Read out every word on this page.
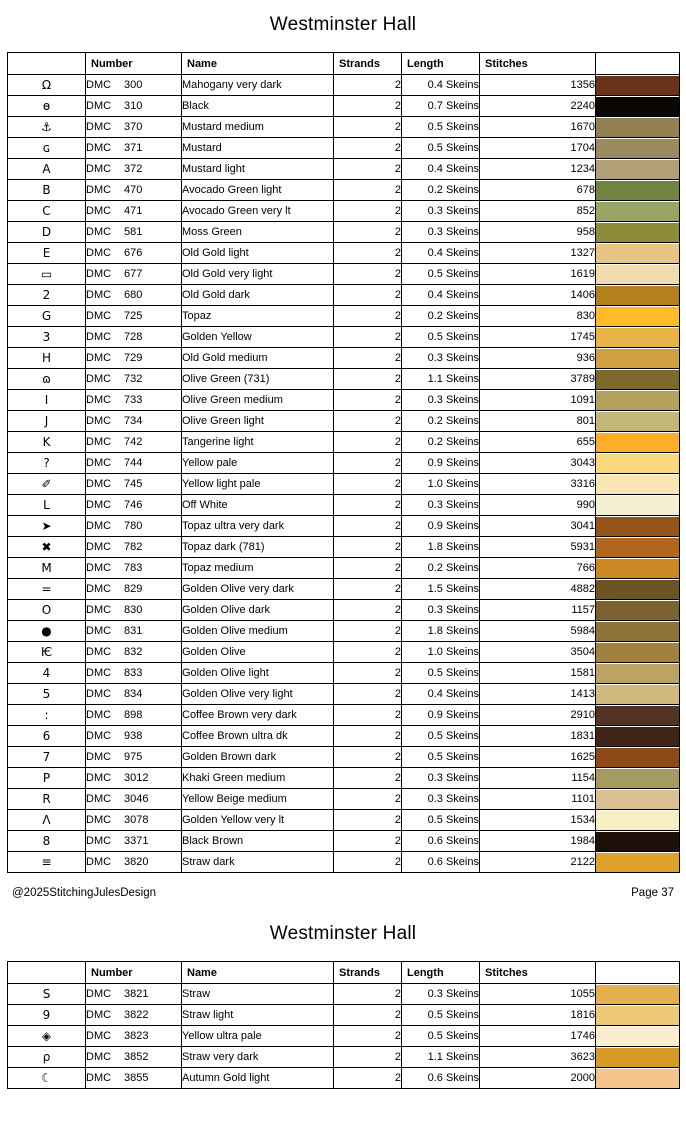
Westminster Hall
	Number	Name	Strands	Length	Stitches	
Ω	DMC 300	Mahogany very dark	2	0.4 Skeins	1356	

ѳ	DMC 310	Black	2	0.7 Skeins	2240	

⚓	DMC 370	Mustard medium	2	0.5 Skeins	1670	

ɢ	DMC 371	Mustard	2	0.5 Skeins	1704	

A	DMC 372	Mustard light	2	0.4 Skeins	1234	

B	DMC 470	Avocado Green light	2	0.2 Skeins	678	

C	DMC 471	Avocado Green very lt	2	0.3 Skeins	852	

D	DMC 581	Moss Green	2	0.3 Skeins	958	

E	DMC 676	Old Gold light	2	0.4 Skeins	1327	

▭	DMC 677	Old Gold very light	2	0.5 Skeins	1619	

2	DMC 680	Old Gold dark	2	0.4 Skeins	1406	

G	DMC 725	Topaz	2	0.2 Skeins	830	

3	DMC 728	Golden Yellow	2	0.5 Skeins	1745	

H	DMC 729	Old Gold medium	2	0.3 Skeins	936	

ɷ	DMC 732	Olive Green (731)	2	1.1 Skeins	3789	

I	DMC 733	Olive Green medium	2	0.3 Skeins	1091	

J	DMC 734	Olive Green light	2	0.2 Skeins	801	

K	DMC 742	Tangerine light	2	0.2 Skeins	655	

?	DMC 744	Yellow pale	2	0.9 Skeins	3043	

✐	DMC 745	Yellow light pale	2	1.0 Skeins	3316	

L	DMC 746	Off White	2	0.3 Skeins	990	

➤	DMC 780	Topaz ultra very dark	2	0.9 Skeins	3041	

✖	DMC 782	Topaz dark (781)	2	1.8 Skeins	5931	

M	DMC 783	Topaz medium	2	0.2 Skeins	766	

=	DMC 829	Golden Olive very dark	2	1.5 Skeins	4882	

O	DMC 830	Golden Olive dark	2	0.3 Skeins	1157	

●	DMC 831	Golden Olive medium	2	1.8 Skeins	5984	

Ѥ	DMC 832	Golden Olive	2	1.0 Skeins	3504	

4	DMC 833	Golden Olive light	2	0.5 Skeins	1581	

5	DMC 834	Golden Olive very light	2	0.4 Skeins	1413	

:	DMC 898	Coffee Brown very dark	2	0.9 Skeins	2910	

6	DMC 938	Coffee Brown ultra dk	2	0.5 Skeins	1831	

7	DMC 975	Golden Brown dark	2	0.5 Skeins	1625	

P	DMC 3012	Khaki Green medium	2	0.3 Skeins	1154	

R	DMC 3046	Yellow Beige medium	2	0.3 Skeins	1101	

Λ	DMC 3078	Golden Yellow very lt	2	0.5 Skeins	1534	

8	DMC 3371	Black Brown	2	0.6 Skeins	1984	

≡	DMC 3820	Straw dark	2	0.6 Skeins	2122	
@2025StitchingJulesDesign	Page 37
Westminster Hall
	Number	Name	Strands	Length	Stitches	
S	DMC 3821	Straw	2	0.3 Skeins	1055	

9	DMC 3822	Straw light	2	0.5 Skeins	1816	

◈	DMC 3823	Yellow ultra pale	2	0.5 Skeins	1746	

ρ	DMC 3852	Straw very dark	2	1.1 Skeins	3623	

☾	DMC 3855	Autumn Gold light	2	0.6 Skeins	2000	
